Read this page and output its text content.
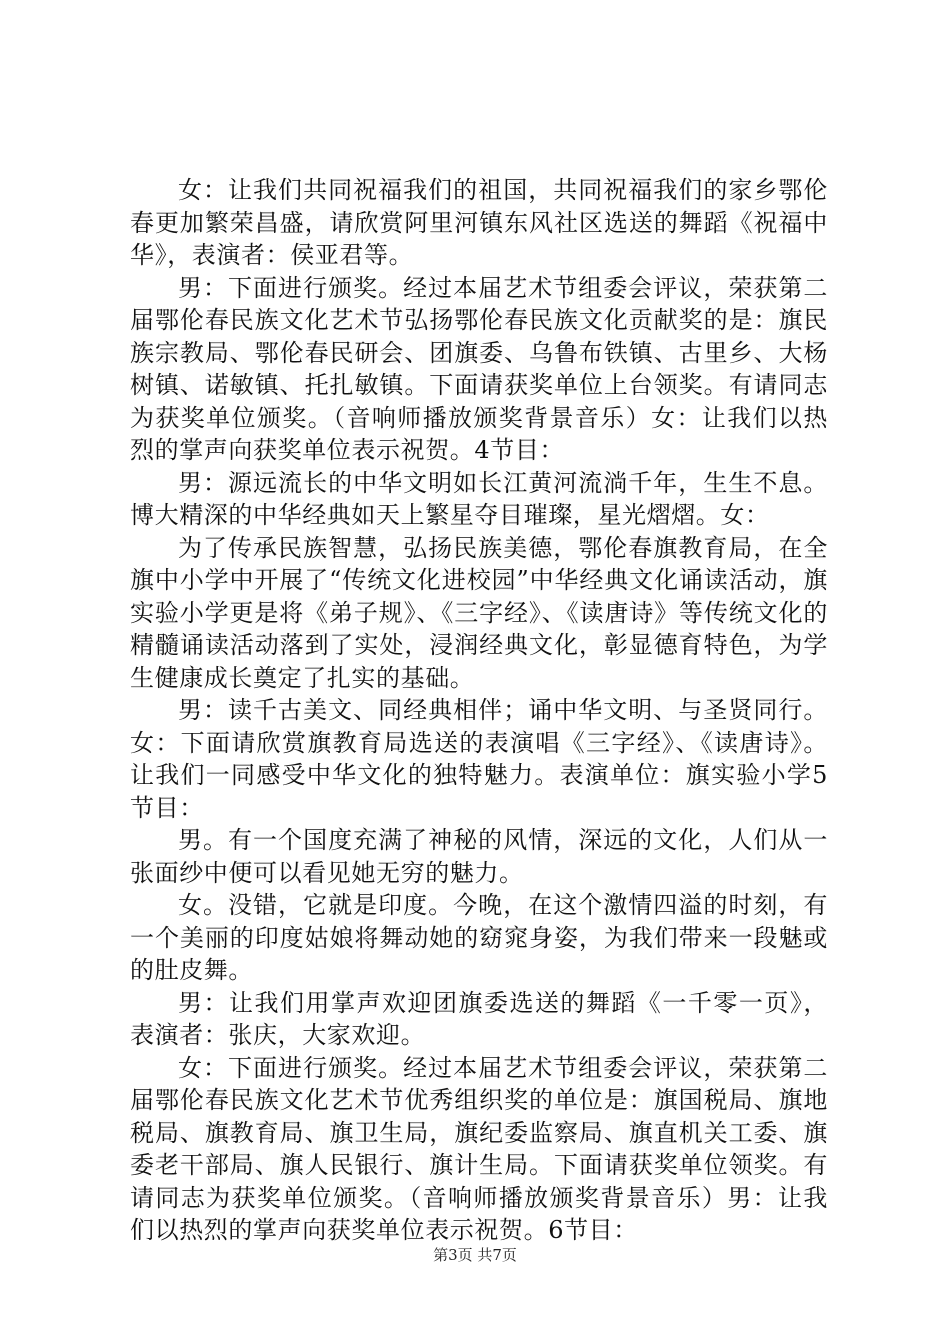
女：让我们共同祝福我们的祖国，共同祝福我们的家乡鄂伦春更加繁荣昌盛，请欣赏阿里河镇东风社区选送的舞蹈《祝福中华》，表演者：侯亚君等。

男：下面进行颁奖。经过本届艺术节组委会评议，荣获第二届鄂伦春民族文化艺术节弘扬鄂伦春民族文化贡献奖的是：旗民族宗教局、鄂伦春民研会、团旗委、乌鲁布铁镇、古里乡、大杨树镇、诺敏镇、托扎敏镇。下面请获奖单位上台领奖。有请同志为获奖单位颁奖。（音响师播放颁奖背景音乐）女：让我们以热烈的掌声向获奖单位表示祝贺。4节目：

男：源远流长的中华文明如长江黄河流淌千年，生生不息。博大精深的中华经典如天上繁星夺目璀璨，星光熠熠。女：

为了传承民族智慧，弘扬民族美德，鄂伦春旗教育局，在全旗中小学中开展了“传统文化进校园”中华经典文化诵读活动，旗实验小学更是将《弟子规》、《三字经》、《读唐诗》等传统文化的精髓诵读活动落到了实处，浸润经典文化，彰显德育特色，为学生健康成长奠定了扎实的基础。

男：读千古美文、同经典相伴；诵中华文明、与圣贤同行。女：下面请欣赏旗教育局选送的表演唱《三字经》、《读唐诗》。让我们一同感受中华文化的独特魅力。表演单位：旗实验小学5节目：

男。有一个国度充满了神秘的风情，深远的文化，人们从一张面纱中便可以看见她无穷的魅力。

女。没错，它就是印度。今晚，在这个激情四溢的时刻，有一个美丽的印度姑娘将舞动她的窈窕身姿，为我们带来一段魅或的肚皮舞。

男：让我们用掌声欢迎团旗委选送的舞蹈《一千零一页》，表演者：张庆，大家欢迎。

女：下面进行颁奖。经过本届艺术节组委会评议，荣获第二届鄂伦春民族文化艺术节优秀组织奖的单位是：旗国税局、旗地税局、旗教育局、旗卫生局，旗纪委监察局、旗直机关工委、旗委老干部局、旗人民银行、旗计生局。下面请获奖单位领奖。有请同志为获奖单位颁奖。（音响师播放颁奖背景音乐）男：让我们以热烈的掌声向获奖单位表示祝贺。6节目：

第3页 共7页
